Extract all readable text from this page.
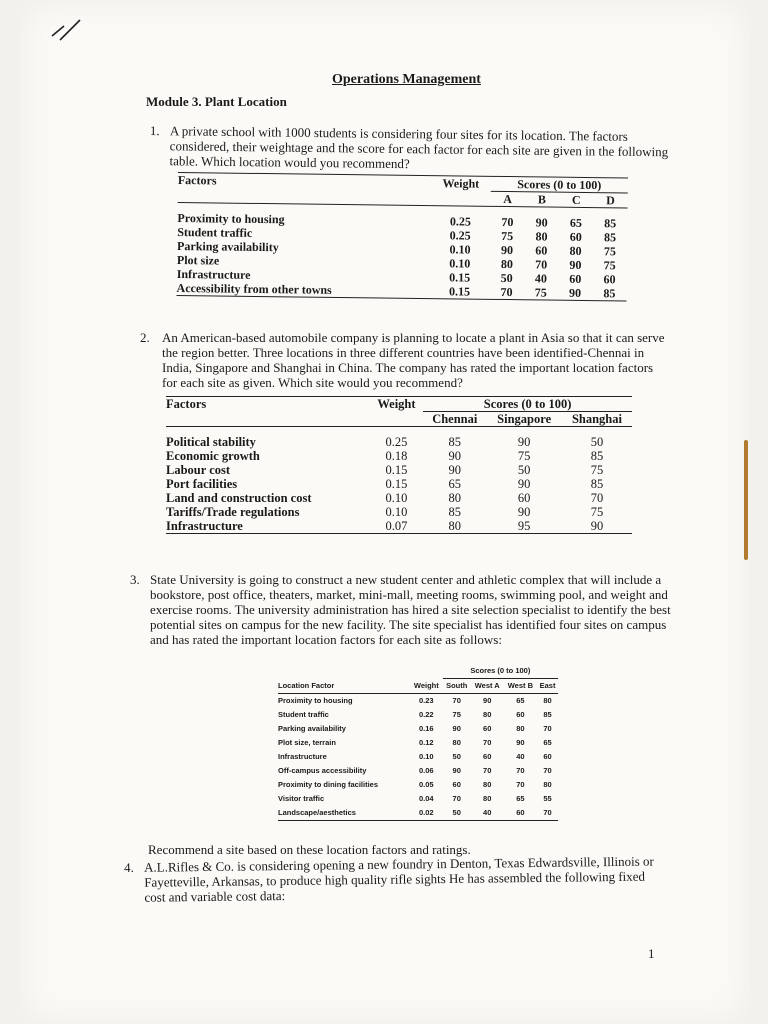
Operations Management
Module 3. Plant Location
1. A private school with 1000 students is considering four sites for its location. The factors considered, their weightage and the score for each factor for each site are given in the following table. Which location would you recommend?
Factors	Weight	Scores (0 to 100)			
		A	B	C	D

Proximity to housing	0.25	70	90	65	85
Student traffic	0.25	75	80	60	85
Parking availability	0.10	90	60	80	75
Plot size	0.10	80	70	90	75
Infrastructure	0.15	50	40	60	60
Accessibility from other towns	0.15	70	75	90	85
2. An American-based automobile company is planning to locate a plant in Asia so that it can serve the region better. Three locations in three different countries have been identified-Chennai in India, Singapore and Shanghai in China. The company has rated the important location factors for each site as given. Which site would you recommend?
Factors	Weight	Scores (0 to 100)		
		Chennai	Singapore	Shanghai

Political stability	0.25	85	90	50
Economic growth	0.18	90	75	85
Labour cost	0.15	90	50	75
Port facilities	0.15	65	90	85
Land and construction cost	0.10	80	60	70
Tariffs/Trade regulations	0.10	85	90	75
Infrastructure	0.07	80	95	90
3. State University is going to construct a new student center and athletic complex that will include a bookstore, post office, theaters, market, mini-mall, meeting rooms, swimming pool, and weight and exercise rooms. The university administration has hired a site selection specialist to identify the best potential sites on campus for the new facility. The site specialist has identified four sites on campus and has rated the important location factors for each site as follows:
		Scores (0 to 100)			
Location Factor	Weight	South	West A	West B	East
Proximity to housing	0.23	70	90	65	80
Student traffic	0.22	75	80	60	85
Parking availability	0.16	90	60	80	70
Plot size, terrain	0.12	80	70	90	65
Infrastructure	0.10	50	60	40	60
Off-campus accessibility	0.06	90	70	70	70
Proximity to dining facilities	0.05	60	80	70	80
Visitor traffic	0.04	70	80	65	55
Landscape/aesthetics	0.02	50	40	60	70
Recommend a site based on these location factors and ratings.
4. A.L.Rifles & Co. is considering opening a new foundry in Denton, Texas Edwardsville, Illinois or Fayetteville, Arkansas, to produce high quality rifle sights He has assembled the following fixed cost and variable cost data:
1
